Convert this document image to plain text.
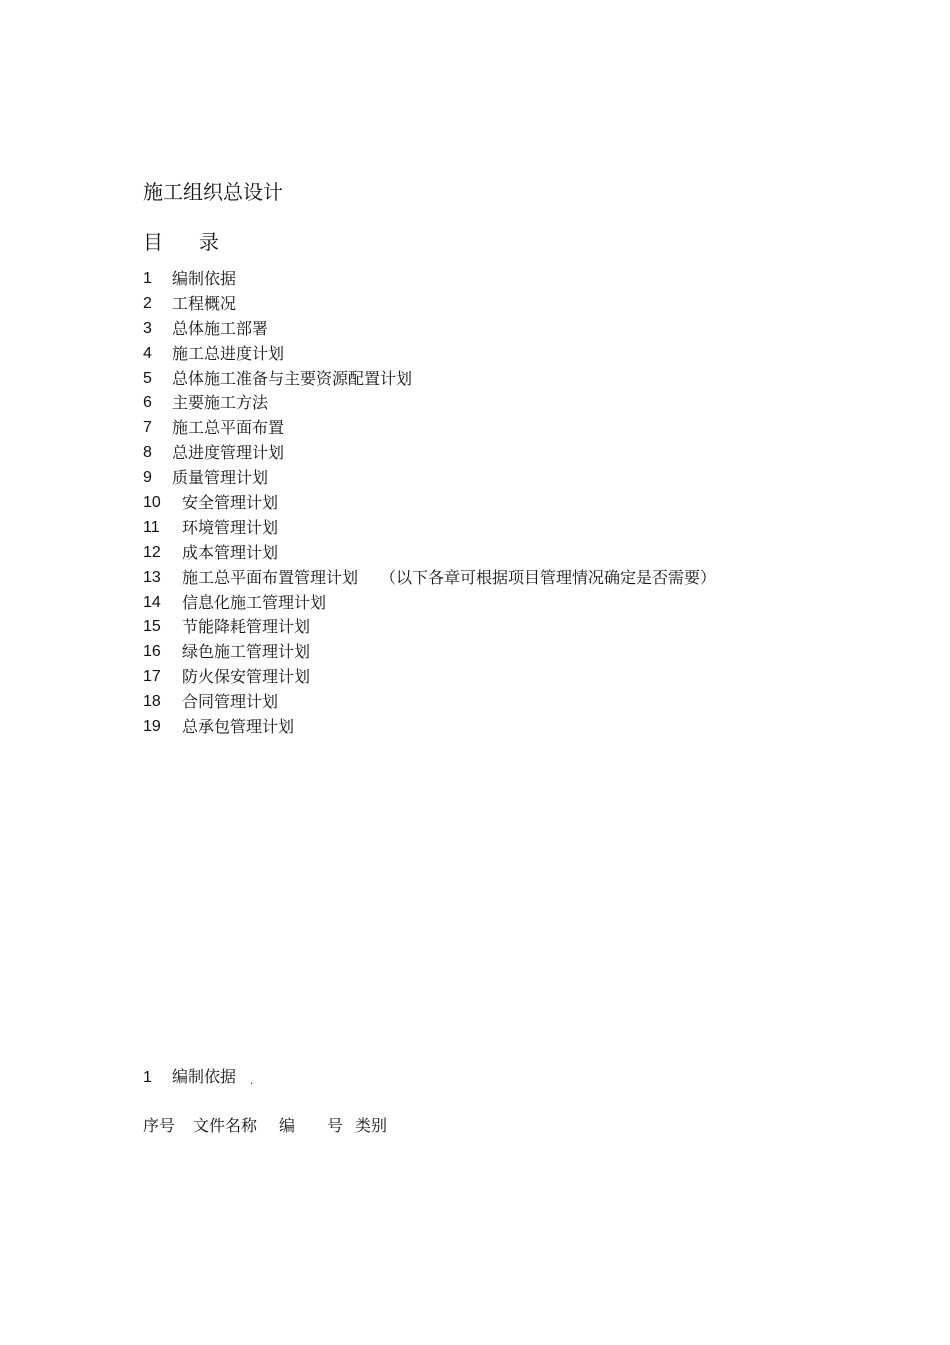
施工组织总设计
目 录
1	编制依据
2	工程概况
3	总体施工部署
4	施工总进度计划
5	总体施工准备与主要资源配置计划
6	主要施工方法
7	施工总平面布置
8	总进度管理计划
9	质量管理计划
10	安全管理计划
11	环境管理计划
12	成本管理计划
13	施工总平面布置管理计划 （以下各章可根据项目管理情况确定是否需要）
14	信息化施工管理计划
15	节能降耗管理计划
16	绿色施工管理计划
17	防火保安管理计划
18	合同管理计划
19	总承包管理计划
1 编制依据 .
序号	文件名称	编	号 类别
